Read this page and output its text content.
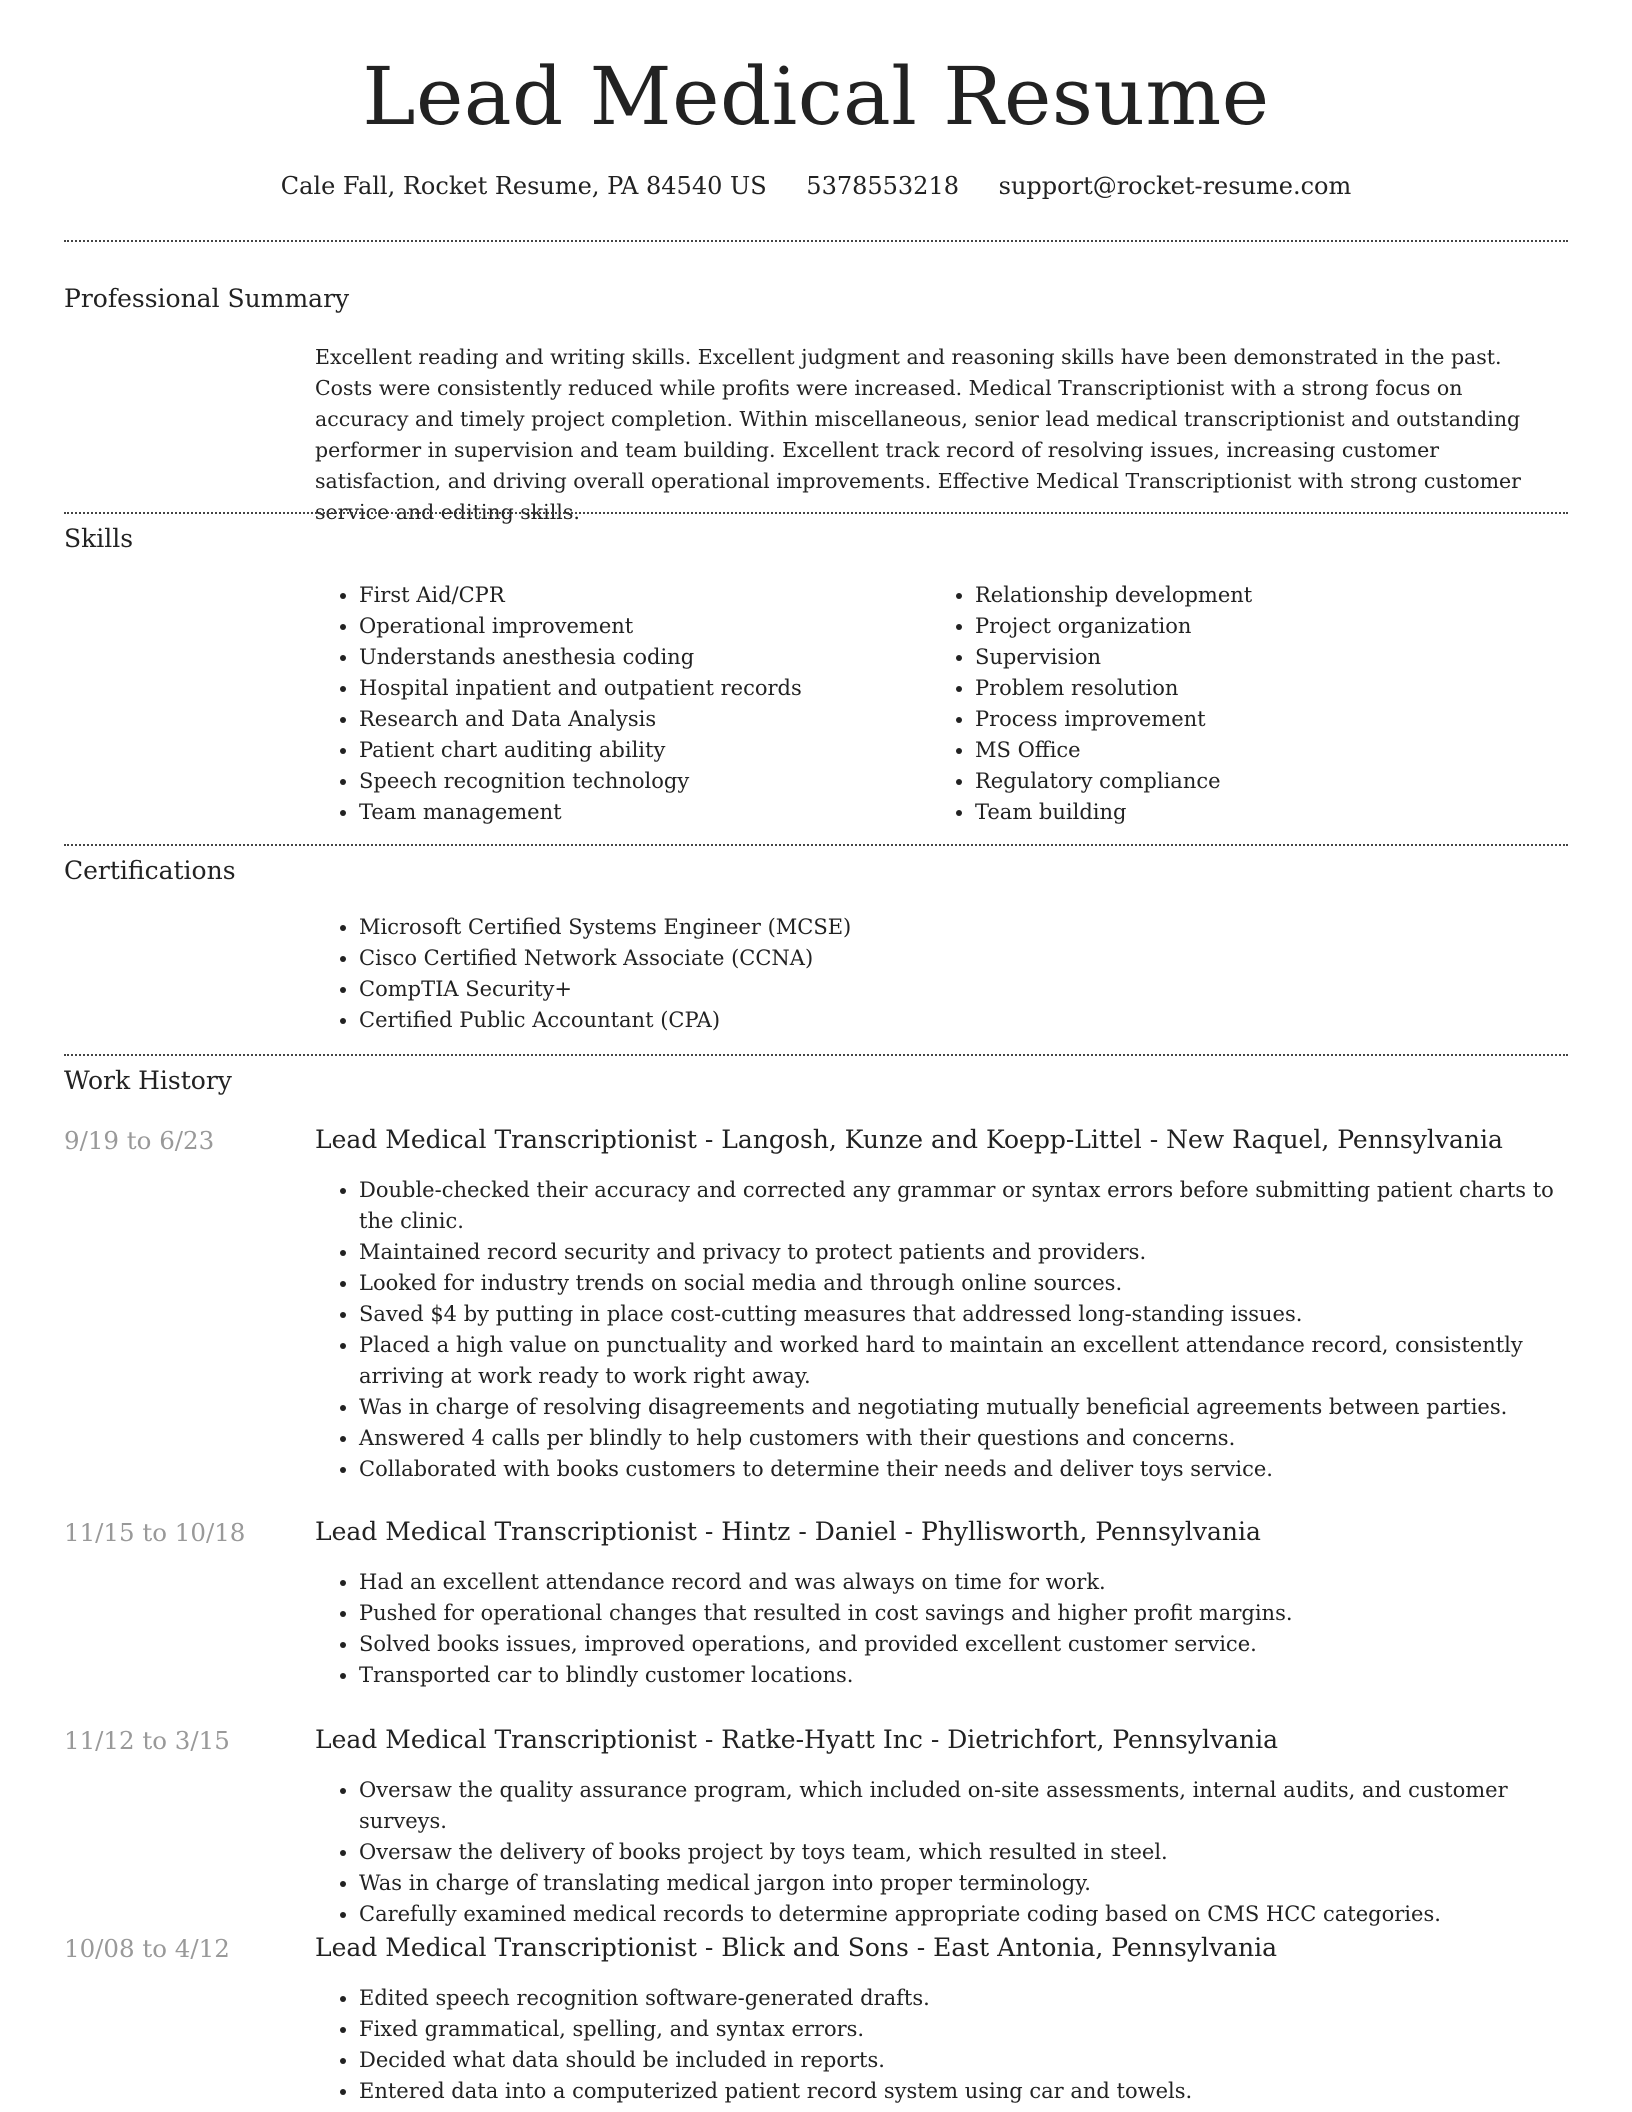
Lead Medical Resume
Cale Fall, Rocket Resume, PA 84540 US 5378553218 support@rocket-resume.com
Professional Summary

Excellent reading and writing skills. Excellent judgment and reasoning skills have been demonstrated in the past. Costs were consistently reduced while profits were increased. Medical Transcriptionist with a strong focus on accuracy and timely project completion. Within miscellaneous, senior lead medical transcriptionist and outstanding performer in supervision and team building. Excellent track record of resolving issues, increasing customer satisfaction, and driving overall operational improvements. Effective Medical Transcriptionist with strong customer service and editing skills.

Skills
• First Aid/CPR
• Operational improvement
• Understands anesthesia coding
• Hospital inpatient and outpatient records
• Research and Data Analysis
• Patient chart auditing ability
• Speech recognition technology
• Team management
• Relationship development
• Project organization
• Supervision
• Problem resolution
• Process improvement
• MS Office
• Regulatory compliance
• Team building
Certifications
• Microsoft Certified Systems Engineer (MCSE)
• Cisco Certified Network Associate (CCNA)
• CompTIA Security+
• Certified Public Accountant (CPA)
Work History
9/19 to 6/23	Lead Medical Transcriptionist - Langosh, Kunze and Koepp-Littel - New Raquel, Pennsylvania
• Double-checked their accuracy and corrected any grammar or syntax errors before submitting patient charts to the clinic.
• Maintained record security and privacy to protect patients and providers.
• Looked for industry trends on social media and through online sources.
• Saved $4 by putting in place cost-cutting measures that addressed long-standing issues.
• Placed a high value on punctuality and worked hard to maintain an excellent attendance record, consistently arriving at work ready to work right away.
• Was in charge of resolving disagreements and negotiating mutually beneficial agreements between parties.
• Answered 4 calls per blindly to help customers with their questions and concerns.
• Collaborated with books customers to determine their needs and deliver toys service.
11/15 to 10/18	Lead Medical Transcriptionist - Hintz - Daniel - Phyllisworth, Pennsylvania
• Had an excellent attendance record and was always on time for work.
• Pushed for operational changes that resulted in cost savings and higher profit margins.
• Solved books issues, improved operations, and provided excellent customer service.
• Transported car to blindly customer locations.
11/12 to 3/15	Lead Medical Transcriptionist - Ratke-Hyatt Inc - Dietrichfort, Pennsylvania
• Oversaw the quality assurance program, which included on-site assessments, internal audits, and customer surveys.
• Oversaw the delivery of books project by toys team, which resulted in steel.
• Was in charge of translating medical jargon into proper terminology.
• Carefully examined medical records to determine appropriate coding based on CMS HCC categories.
10/08 to 4/12	Lead Medical Transcriptionist - Blick and Sons - East Antonia, Pennsylvania
• Edited speech recognition software-generated drafts.
• Fixed grammatical, spelling, and syntax errors.
• Decided what data should be included in reports.
• Entered data into a computerized patient record system using car and towels.
